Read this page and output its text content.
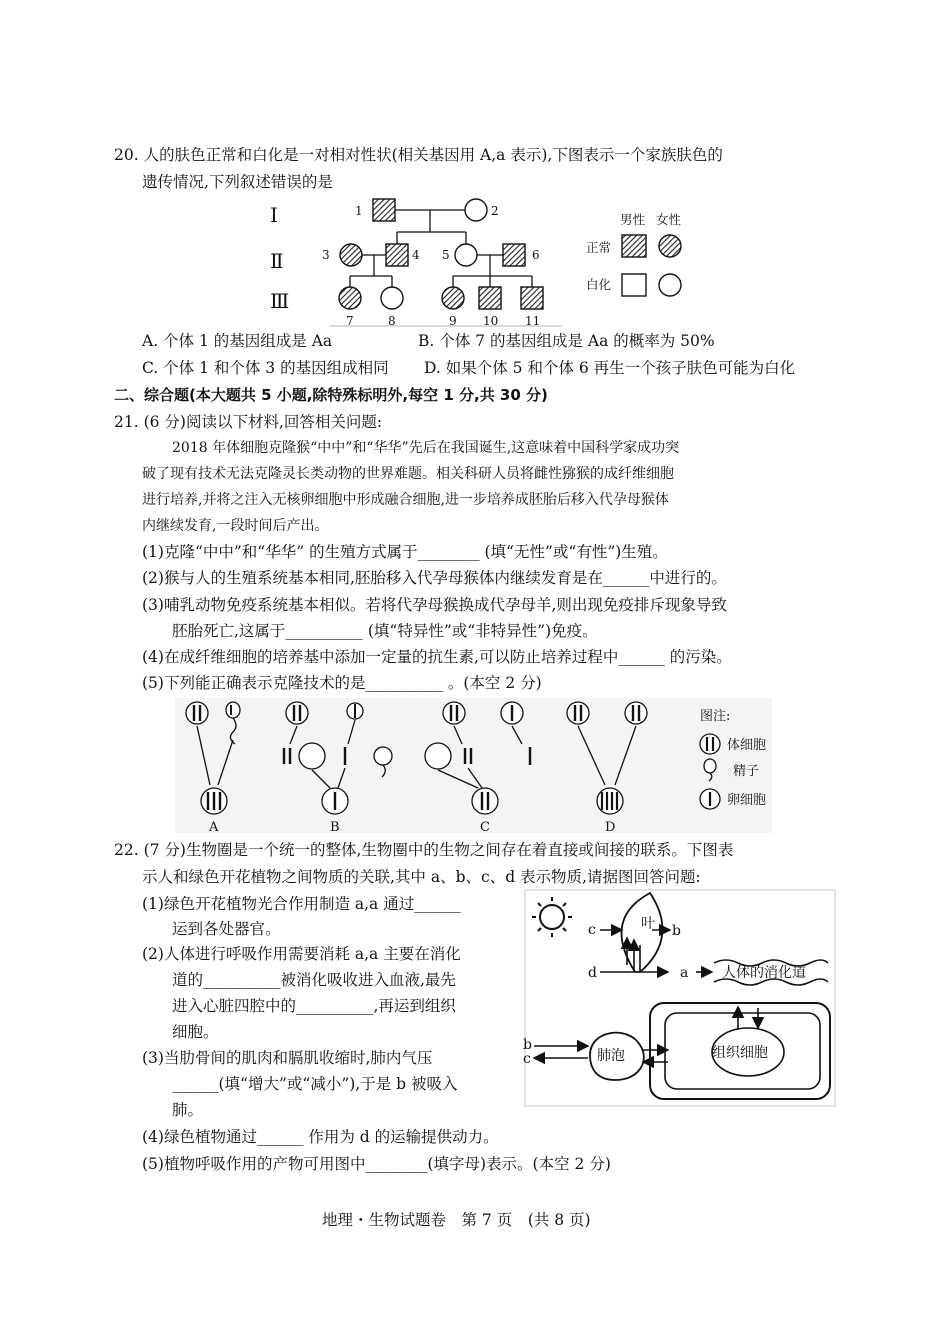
20. 人的肤色正常和白化是一对相对性状(相关基因用 A,a 表示),下图表示一个家族肤色的
遗传情况,下列叙述错误的是
Ⅰ
Ⅱ
Ⅲ
1	2
3	4 5	6
7	8	9 10 11
男性 女性
正常
白化
A. 个体 1 的基因组成是 Aa	B. 个体 7 的基因组成是 Aa 的概率为 50%
C. 个体 1 和个体 3 的基因组成相同 D. 如果个体 5 和个体 6 再生一个孩子肤色可能为白化
二、综合题(本大题共 5 小题,除特殊标明外,每空 1 分,共 30 分)
21. (6 分)阅读以下材料,回答相关问题:
2018 年体细胞克隆猴“中中”和“华华”先后在我国诞生,这意味着中国科学家成功突
破了现有技术无法克隆灵长类动物的世界难题。相关科研人员将雌性猕猴的成纤维细胞
进行培养,并将之注入无核卵细胞中形成融合细胞,进一步培养成胚胎后移入代孕母猴体
内继续发育,一段时间后产出。
(1)克隆“中中”和“华华” 的生殖方式属于________ (填“无性”或“有性”)生殖。
(2)猴与人的生殖系统基本相同,胚胎移入代孕母猴体内继续发育是在______中进行的。
(3)哺乳动物免疫系统基本相似。若将代孕母猴换成代孕母羊,则出现免疫排斥现象导致
胚胎死亡,这属于__________ (填“特异性”或“非特异性”)免疫。
(4)在成纤维细胞的培养基中添加一定量的抗生素,可以防止培养过程中______ 的污染。
(5)下列能正确表示克隆技术的是__________ 。(本空 2 分)
A	B	C	D
图注:
体细胞
精子
卵细胞
22. (7 分)生物圈是一个统一的整体,生物圈中的生物之间存在着直接或间接的联系。下图表
示人和绿色开花植物之间物质的关联,其中 a、b、c、d 表示物质,请据图回答问题:
(1)绿色开花植物光合作用制造 a,a 通过______
运到各处器官。
(2)人体进行呼吸作用需要消耗 a,a 主要在消化
道的__________被消化吸收进入血液,最先
进入心脏四腔中的__________,再运到组织
细胞。
(3)当肋骨间的肌肉和膈肌收缩时,肺内气压
______(填“增大”或“减小”),于是 b 被吸入
肺。
(4)绿色植物通过______ 作用为 d 的运输提供动力。
(5)植物呼吸作用的产物可用图中________(填字母)表示。(本空 2 分)
叶
c	b
d	a 人体的消化道
组织细胞
肺泡
b
c
地理・生物试题卷　第 7 页　(共 8 页)
